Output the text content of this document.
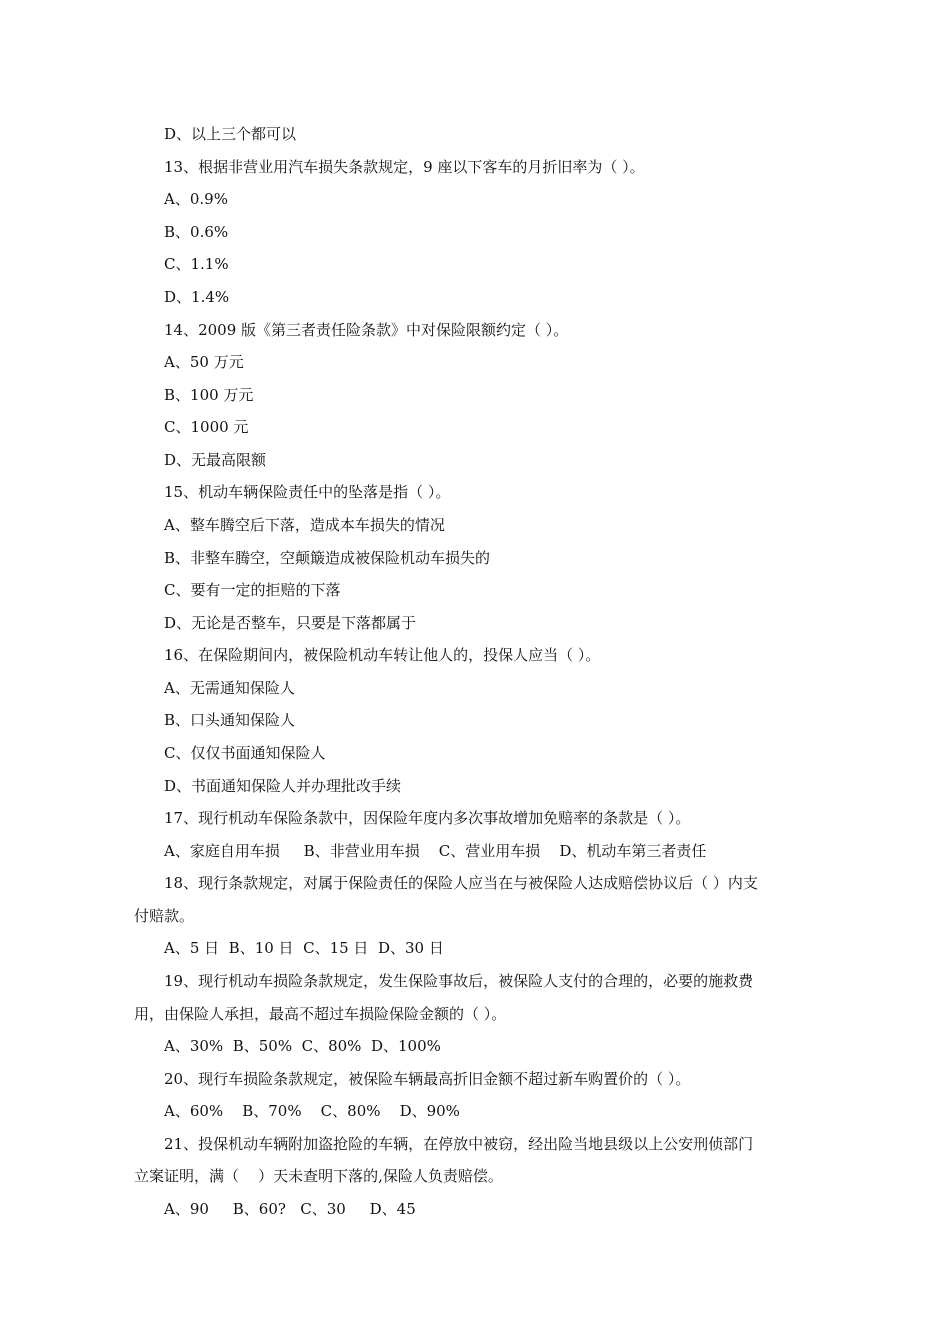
D、以上三个都可以
13、根据非营业用汽车损失条款规定，9 座以下客车的月折旧率为（ ）。
A、0.9%
B、0.6%
C、1.1%
D、1.4%
14、2009 版《第三者责任险条款》中对保险限额约定（ ）。
A、50 万元
B、100 万元
C、1000 元
D、无最高限额
15、机动车辆保险责任中的坠落是指（ ）。
A、整车腾空后下落，造成本车损失的情况
B、非整车腾空，空颠簸造成被保险机动车损失的
C、要有一定的拒赔的下落
D、无论是否整车，只要是下落都属于
16、在保险期间内，被保险机动车转让他人的，投保人应当（ ）。
A、无需通知保险人
B、口头通知保险人
C、仅仅书面通知保险人
D、书面通知保险人并办理批改手续
17、现行机动车保险条款中，因保险年度内多次事故增加免赔率的条款是（ ）。
A、家庭自用车损     B、非营业用车损    C、营业用车损    D、机动车第三者责任
18、现行条款规定，对属于保险责任的保险人应当在与被保险人达成赔偿协议后（ ）内支
付赔款。
A、5 日  B、10 日  C、15 日  D、30 日
19、现行机动车损险条款规定，发生保险事故后，被保险人支付的合理的，必要的施救费
用，由保险人承担，最高不超过车损险保险金额的（ ）。
A、30%  B、50%  C、80%  D、100%
20、现行车损险条款规定，被保险车辆最高折旧金额不超过新车购置价的（ ）。
A、60%    B、70%    C、80%    D、90%
21、投保机动车辆附加盗抢险的车辆，在停放中被窃，经出险当地县级以上公安刑侦部门
立案证明，满（    ）天未查明下落的,保险人负责赔偿。
A、90     B、60?   C、30     D、45
